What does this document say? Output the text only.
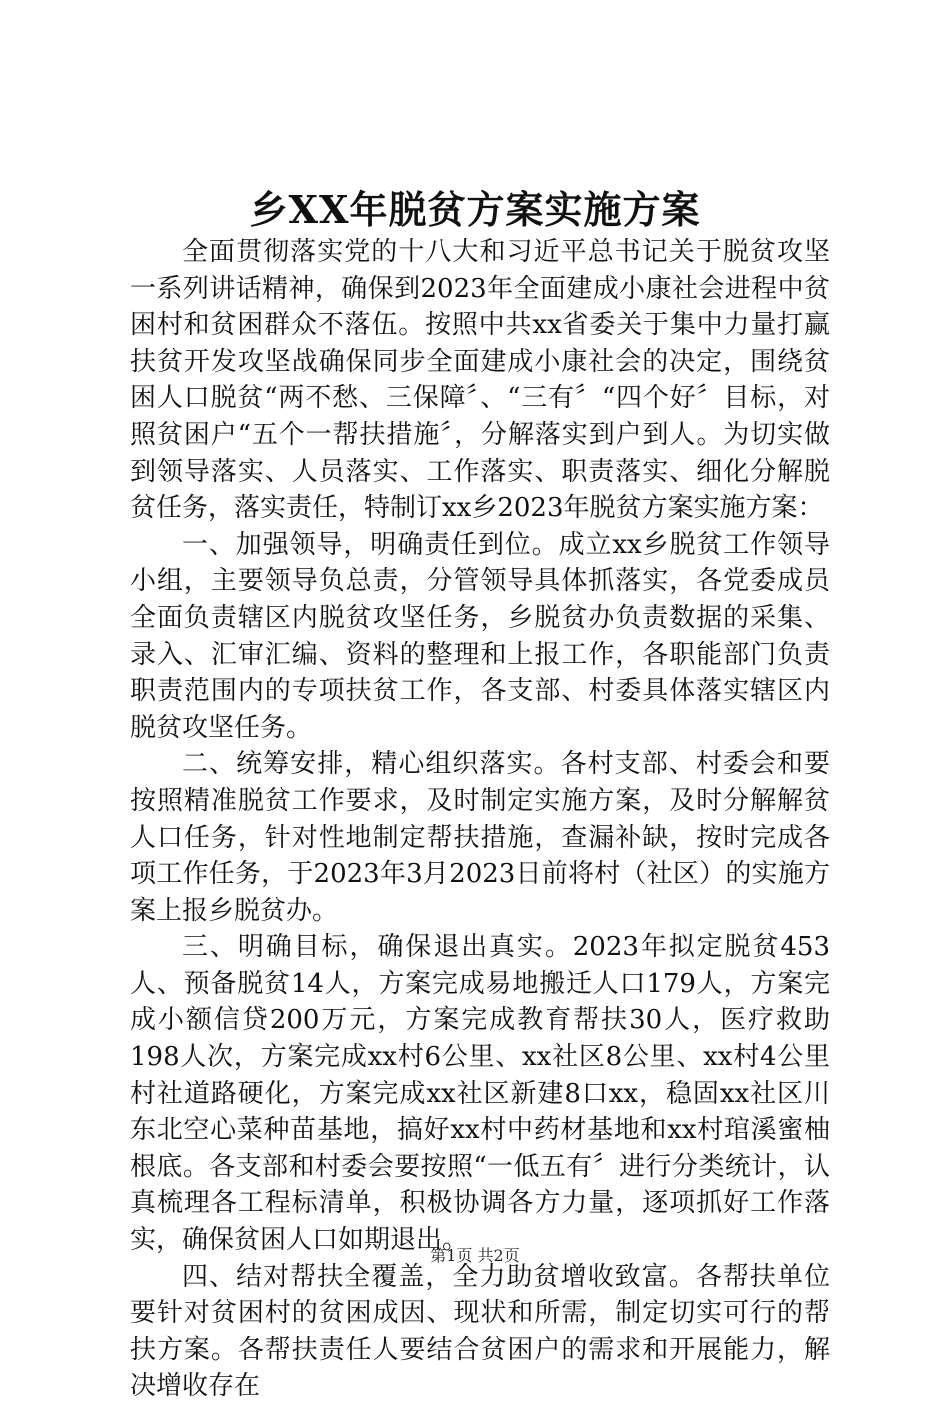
乡XX年脱贫方案实施方案

全面贯彻落实党的十八大和习近平总书记关于脱贫攻坚一系列讲话精神，确保到2023年全面建成小康社会进程中贫困村和贫困群众不落伍。按照中共xx省委关于集中力量打赢扶贫开发攻坚战确保同步全面建成小康社会的决定，围绕贫困人口脱贫“两不愁、三保障〞、“三有〞“四个好〞目标，对照贫困户“五个一帮扶措施〞，分解落实到户到人。为切实做到领导落实、人员落实、工作落实、职责落实、细化分解脱贫任务，落实责任，特制订xx乡2023年脱贫方案实施方案：

一、加强领导，明确责任到位。成立xx乡脱贫工作领导小组，主要领导负总责，分管领导具体抓落实，各党委成员全面负责辖区内脱贫攻坚任务，乡脱贫办负责数据的采集、录入、汇审汇编、资料的整理和上报工作，各职能部门负责职责范围内的专项扶贫工作，各支部、村委具体落实辖区内脱贫攻坚任务。

二、统筹安排，精心组织落实。各村支部、村委会和要按照精准脱贫工作要求，及时制定实施方案，及时分解解贫人口任务，针对性地制定帮扶措施，查漏补缺，按时完成各项工作任务，于2023年3月2023日前将村（社区）的实施方案上报乡脱贫办。

三、明确目标，确保退出真实。2023年拟定脱贫453人、预备脱贫14人，方案完成易地搬迁人口179人，方案完成小额信贷200万元，方案完成教育帮扶30人，医疗救助198人次，方案完成xx村6公里、xx社区8公里、xx村4公里村社道路硬化，方案完成xx社区新建8口xx，稳固xx社区川东北空心菜种苗基地，搞好xx村中药材基地和xx村琯溪蜜柚根底。各支部和村委会要按照“一低五有〞进行分类统计，认真梳理各工程标清单，积极协调各方力量，逐项抓好工作落实，确保贫困人口如期退出。

四、结对帮扶全覆盖，全力助贫增收致富。各帮扶单位要针对贫困村的贫困成因、现状和所需，制定切实可行的帮扶方案。各帮扶责任人要结合贫困户的需求和开展能力，解决增收存在

第1页 共2页
